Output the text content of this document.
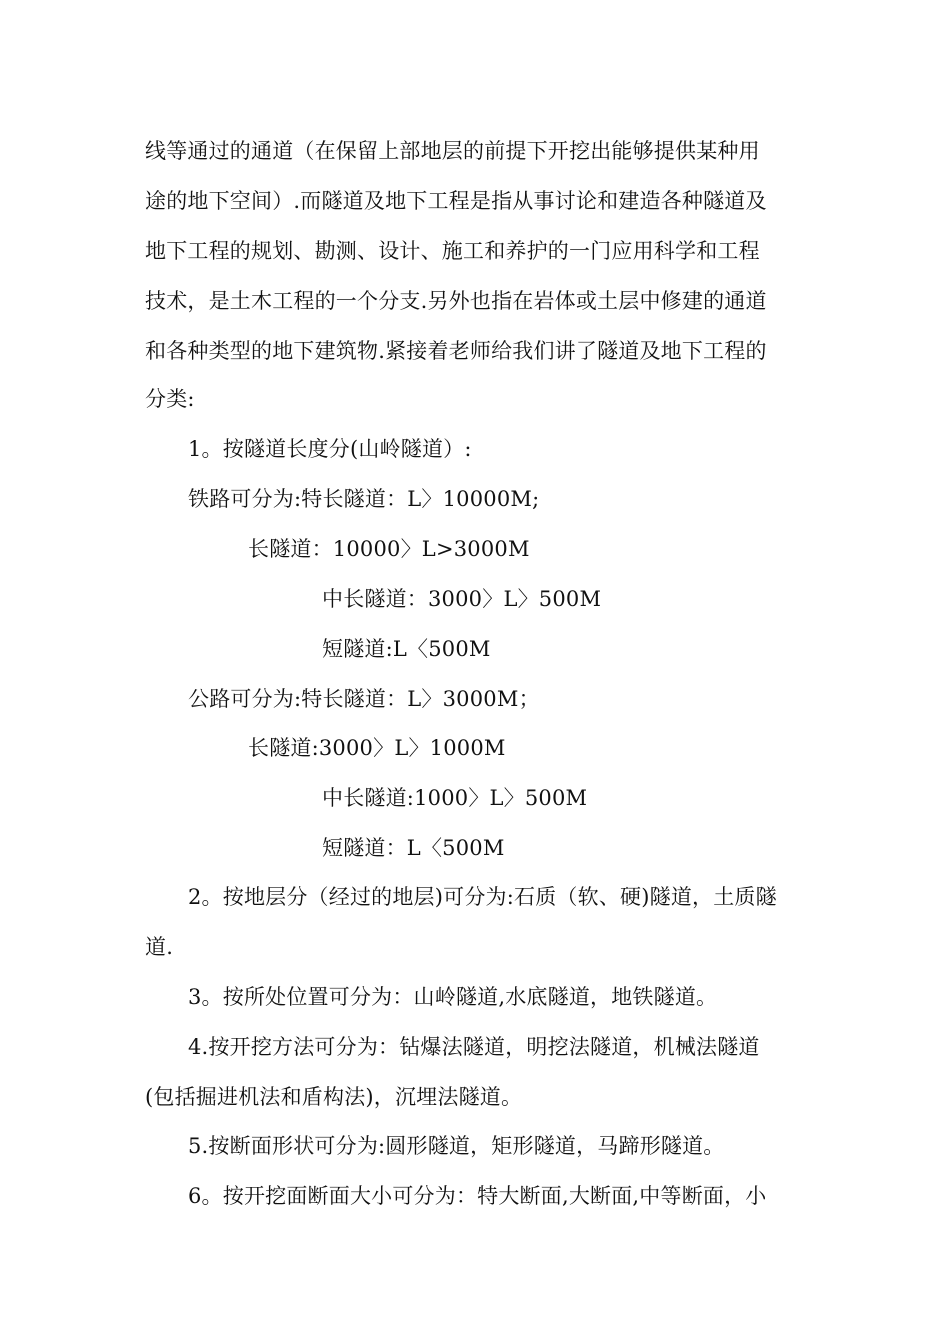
线等通过的通道（在保留上部地层的前提下开挖出能够提供某种用
途的地下空间）.而隧道及地下工程是指从事讨论和建造各种隧道及
地下工程的规划、勘测、设计、施工和养护的一门应用科学和工程
技术，是土木工程的一个分支.另外也指在岩体或土层中修建的通道
和各种类型的地下建筑物.紧接着老师给我们讲了隧道及地下工程的
分类:
1。按隧道长度分(山岭隧道）:
铁路可分为:特长隧道：L〉10000M;
长隧道：10000〉L>3000M
中长隧道：3000〉L〉500M
短隧道:L〈500M
公路可分为:特长隧道：L〉3000M；
长隧道:3000〉L〉1000M
中长隧道:1000〉L〉500M
短隧道：L〈500M
2。按地层分（经过的地层)可分为:石质（软、硬)隧道，土质隧
道.
3。按所处位置可分为：山岭隧道,水底隧道，地铁隧道。
4.按开挖方法可分为：钻爆法隧道，明挖法隧道，机械法隧道
(包括掘进机法和盾构法)，沉埋法隧道。
5.按断面形状可分为:圆形隧道，矩形隧道，马蹄形隧道。
6。按开挖面断面大小可分为：特大断面,大断面,中等断面，小
